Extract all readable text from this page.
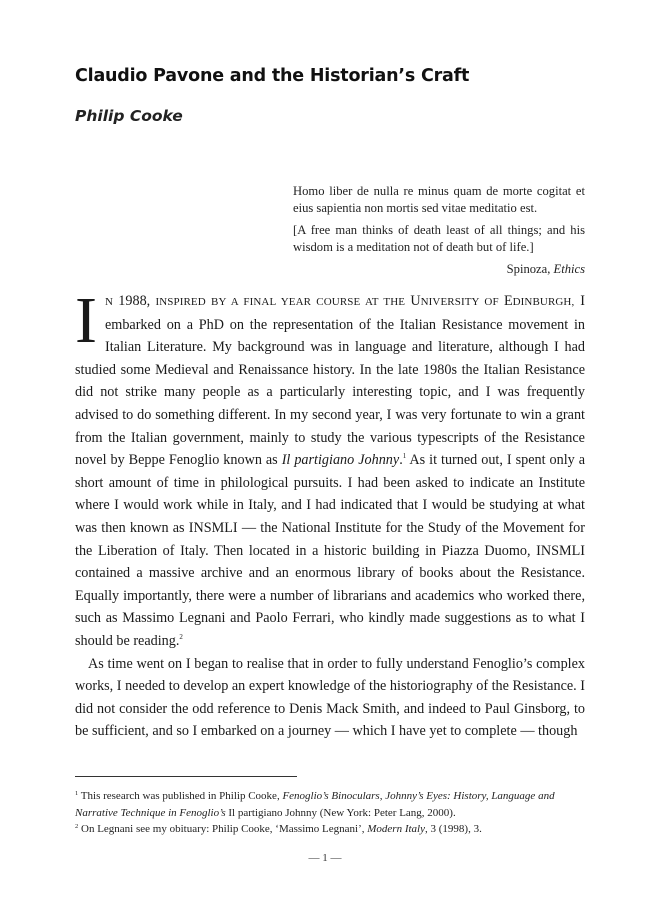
Claudio Pavone and the Historian’s Craft
Philip Cooke

Homo liber de nulla re minus quam de morte cogitat et eius sapientia non mortis sed vitae meditatio est.

[A free man thinks of death least of all things; and his wisdom is a meditation not of death but of life.]

Spinoza, Ethics

I N 1988, INSPIRED BY A FINAL YEAR COURSE AT THE UNIVERSITY OF EDINBURGH, I embarked on a PhD on the representation of the Italian Resistance movement in Italian Literature. My background was in language and literature, although I had studied some Medieval and Renaissance history. In the late 1980s the Italian Resistance did not strike many people as a particularly interesting topic, and I was frequently advised to do something different. In my second year, I was very fortunate to win a grant from the Italian government, mainly to study the various typescripts of the Resistance novel by Beppe Fenoglio known as Il partigiano Johnny.$^1$ As it turned out, I spent only a short amount of time in philological pursuits. I had been asked to indicate an Institute where I would work while in Italy, and I had indicated that I would be studying at what was then known as INSMLI — the National Institute for the Study of the Movement for the Liberation of Italy. Then located in a historic building in Piazza Duomo, INSMLI contained a massive archive and an enormous library of books about the Resistance. Equally importantly, there were a number of librarians and academics who worked there, such as Massimo Legnani and Paolo Ferrari, who kindly made suggestions as to what I should be reading.$^2$

As time went on I began to realise that in order to fully understand Fenoglio’s complex works, I needed to develop an expert knowledge of the historiography of the Resistance. I did not consider the odd reference to Denis Mack Smith, and indeed to Paul Ginsborg, to be sufficient, and so I embarked on a journey — which I have yet to complete — though

$^1$ This research was published in Philip Cooke, Fenoglio’s Binoculars, Johnny’s Eyes: History, Language and Narrative Technique in Fenoglio’s Il partigiano Johnny (New York: Peter Lang, 2000).

$^2$ On Legnani see my obituary: Philip Cooke, ‘Massimo Legnani’, Modern Italy, 3 (1998), 3.

— 1 —
